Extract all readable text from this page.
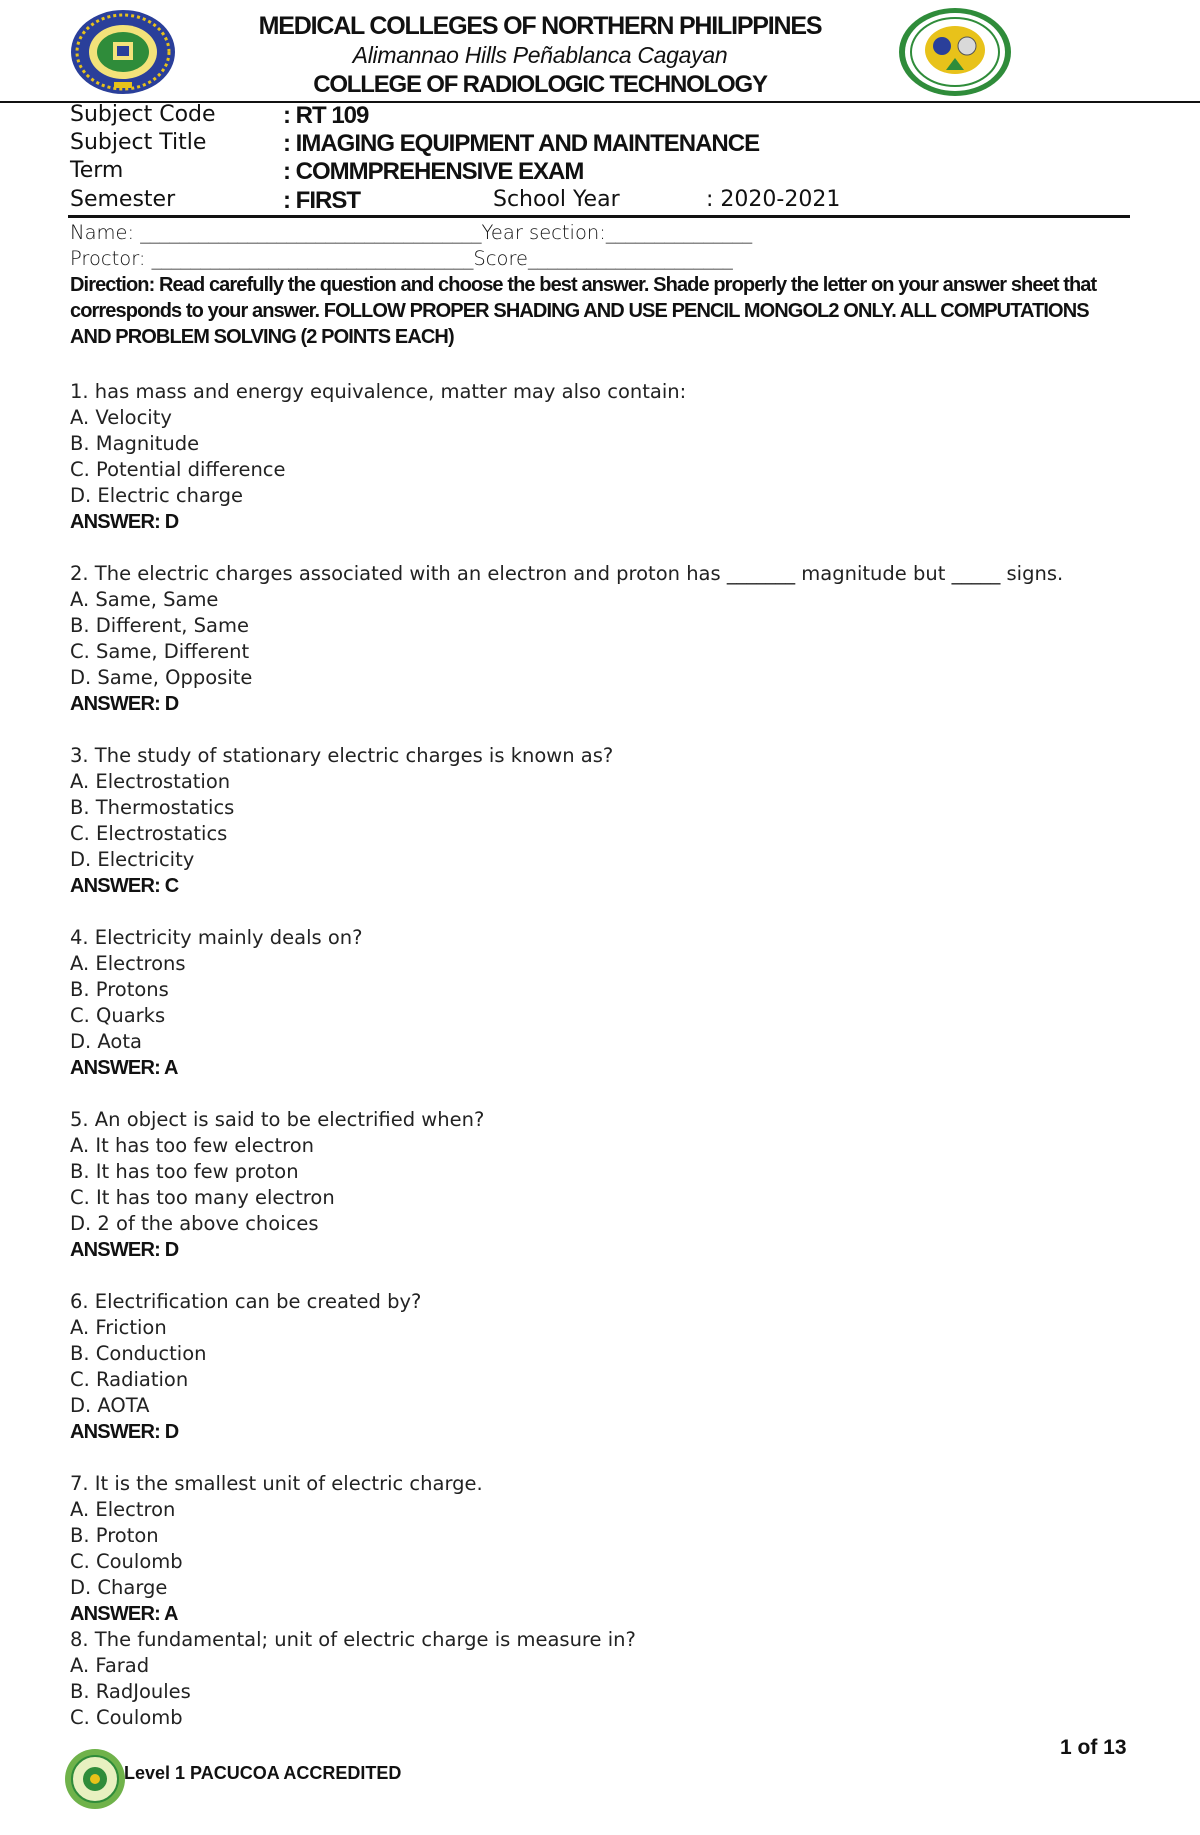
MEDICAL COLLEGES OF NORTHERN PHILIPPINES
Alimannao Hills Peñablanca Cagayan
COLLEGE OF RADIOLOGIC TECHNOLOGY
Subject Code	: RT 109
Subject Title	: IMAGING EQUIPMENT AND MAINTENANCE
Term	: COMMPREHENSIVE EXAM
Semester	: FIRST	School Year	: 2020-2021
Name: ___________________________________Year section:_______________
Proctor: _________________________________Score_____________________
Direction: Read carefully the question and choose the best answer. Shade properly the letter on your answer sheet that corresponds to your answer. FOLLOW PROPER SHADING AND USE PENCIL MONGOL2 ONLY. ALL COMPUTATIONS AND PROBLEM SOLVING (2 POINTS EACH)
1. has mass and energy equivalence, matter may also contain:
A. Velocity
B. Magnitude
C. Potential difference
D. Electric charge
ANSWER: D
2. The electric charges associated with an electron and proton has _______ magnitude but _____ signs.
A. Same, Same
B. Different, Same
C. Same, Different
D. Same, Opposite
ANSWER: D
3. The study of stationary electric charges is known as?
A. Electrostation
B. Thermostatics
C. Electrostatics
D. Electricity
ANSWER: C
4. Electricity mainly deals on?
A. Electrons
B. Protons
C. Quarks
D. Aota
ANSWER: A
5. An object is said to be electrified when?
A. It has too few electron
B. It has too few proton
C. It has too many electron
D. 2 of the above choices
ANSWER: D
6. Electrification can be created by?
A. Friction
B. Conduction
C. Radiation
D. AOTA
ANSWER: D
7. It is the smallest unit of electric charge.
A. Electron
B. Proton
C. Coulomb
D. Charge
ANSWER: A
8. The fundamental; unit of electric charge is measure in?
A. Farad
B. RadJoules
C. Coulomb
1 of 13
Level 1 PACUCOA ACCREDITED
